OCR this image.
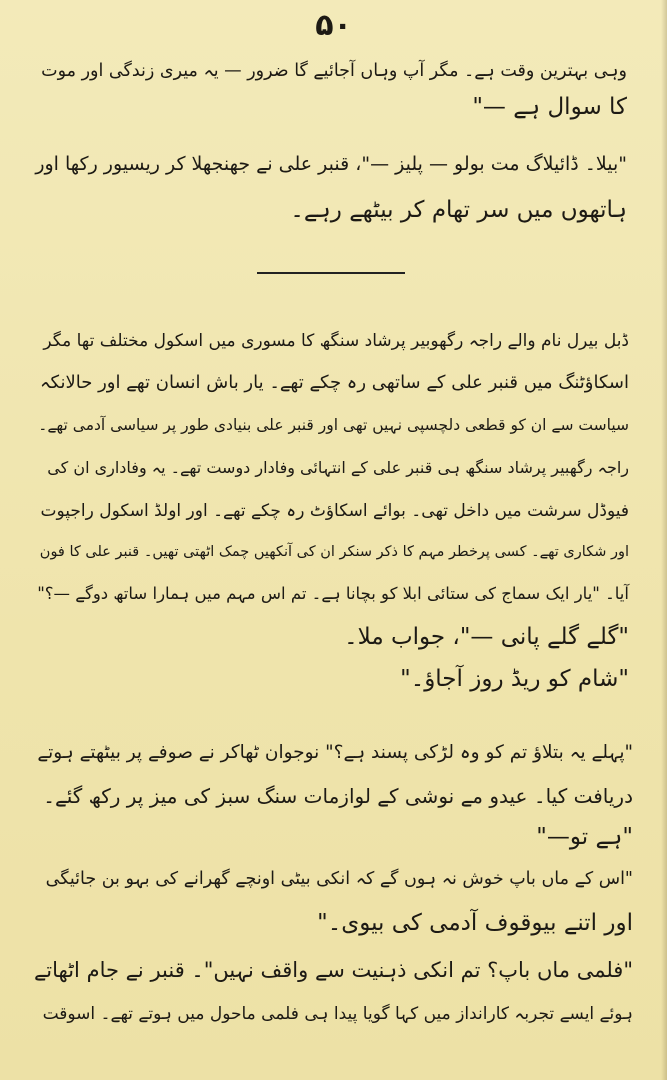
۵۰
وہی بہترین وقت ہے۔ مگر آپ وہاں آجائیے گا ضرور — یہ میری زندگی اور موت
کا سوال ہے —"
"بیلا۔ ڈائیلاگ مت بولو — پلیز —"، قنبر علی نے جھنجھلا کر ریسیور رکھا اور
ہاتھوں میں سر تھام کر بیٹھے رہے۔
ڈبل بیرل نام والے راجہ رگھوبیر پرشاد سنگھ کا مسوری میں اسکول مختلف تھا مگر
اسکاؤٹنگ میں قنبر علی کے ساتھی رہ چکے تھے۔ یار باش انسان تھے اور حالانکہ
سیاست سے ان کو قطعی دلچسپی نہیں تھی اور قنبر علی بنیادی طور پر سیاسی آدمی تھے۔
راجہ رگھبیر پرشاد سنگھ ہی قنبر علی کے انتہائی وفادار دوست تھے۔ یہ وفاداری ان کی
فیوڈل سرشت میں داخل تھی۔ بوائے اسکاؤٹ رہ چکے تھے۔ اور اولڈ اسکول راجپوت
اور شکاری تھے۔ کسی پرخطر مہم کا ذکر سنکر ان کی آنکھیں چمک اٹھتی تھیں۔ قنبر علی کا فون
آیا۔ "یار ایک سماج کی ستائی ابلا کو بچانا ہے۔ تم اس مہم میں ہمارا ساتھ دوگے —؟"
"گلے گلے پانی —"، جواب ملا۔
"شام کو ریڈ روز آجاؤ۔"
"پہلے یہ بتلاؤ تم کو وہ لڑکی پسند ہے؟" نوجوان ٹھاکر نے صوفے پر بیٹھتے ہوتے
دریافت کیا۔ عیدو مے نوشی کے لوازمات سنگ سبز کی میز پر رکھ گئے۔
"ہے تو—"
"اس کے ماں باپ خوش نہ ہوں گے کہ انکی بیٹی اونچے گھرانے کی بہو بن جائیگی
اور اتنے بیوقوف آدمی کی بیوی۔"
"فلمی ماں باپ؟ تم انکی ذہنیت سے واقف نہیں"۔ قنبر نے جام اٹھاتے
ہوئے ایسے تجربہ کارانداز میں کہا گویا پیدا ہی فلمی ماحول میں ہوتے تھے۔ اسوقت
